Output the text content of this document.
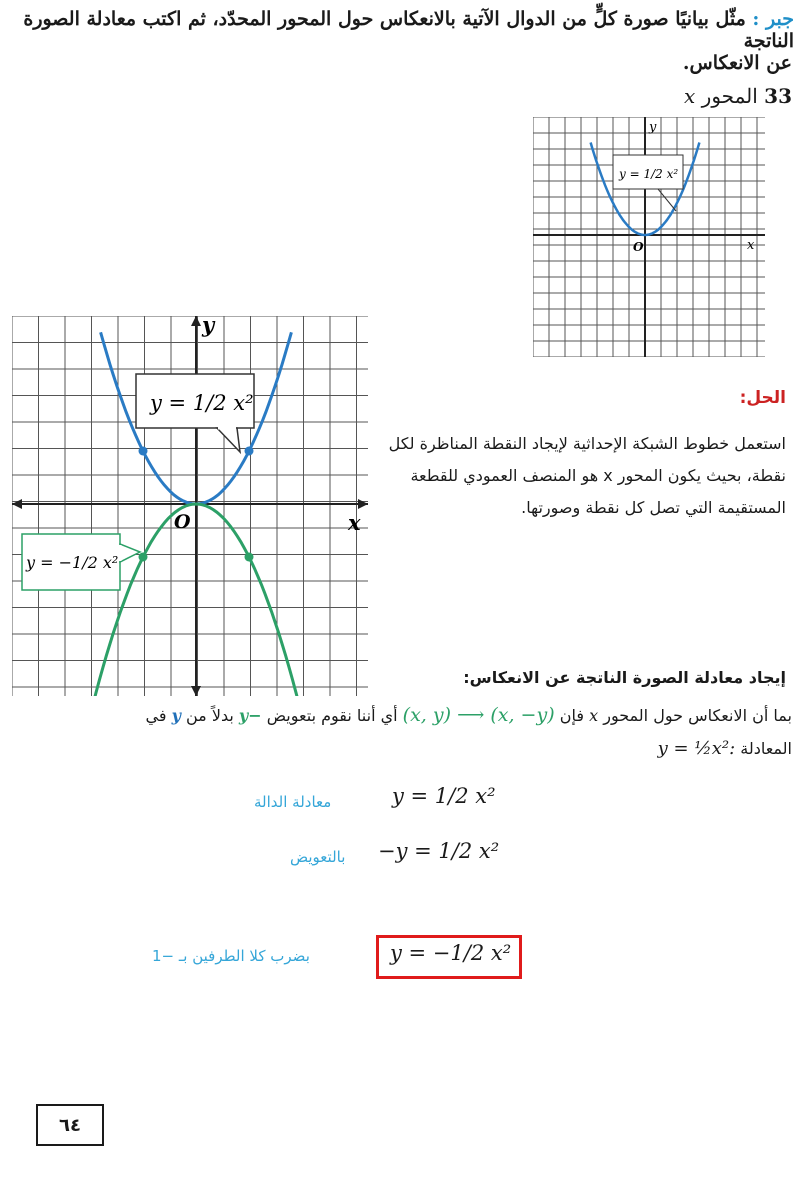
جبر : مثّل بيانيًا صورة كلٍّ من الدوال الآتية بالانعكاس حول المحور المحدّد، ثم اكتب معادلة الصورة الناتجة
عن الانعكاس.
33 المحور x
y = 1/2 x²
y
x
O
y = 1/2 x²
y = −1/2 x²
y
x
O
الحل:
استعمل خطوط الشبكة الإحداثية لإيجاد النقطة المناظرة لكل نقطة، بحيث يكون المحور x هو المنصف العمودي للقطعة المستقيمة التي تصل كل نقطة وصورتها.
إيجاد معادلة الصورة الناتجة عن الانعكاس:
بما أن الانعكاس حول المحور x فإن (x, y) ⟶ (x, −y) أي أننا نقوم بتعويض −y بدلاً من y في
المعادلة y = ½x²:
معادلة الدالة	y = 1/2 x²
بالتعويض −y = 1/2 x²
بضرب كلا الطرفين بـ −1	y = −1/2 x²
٦٤
